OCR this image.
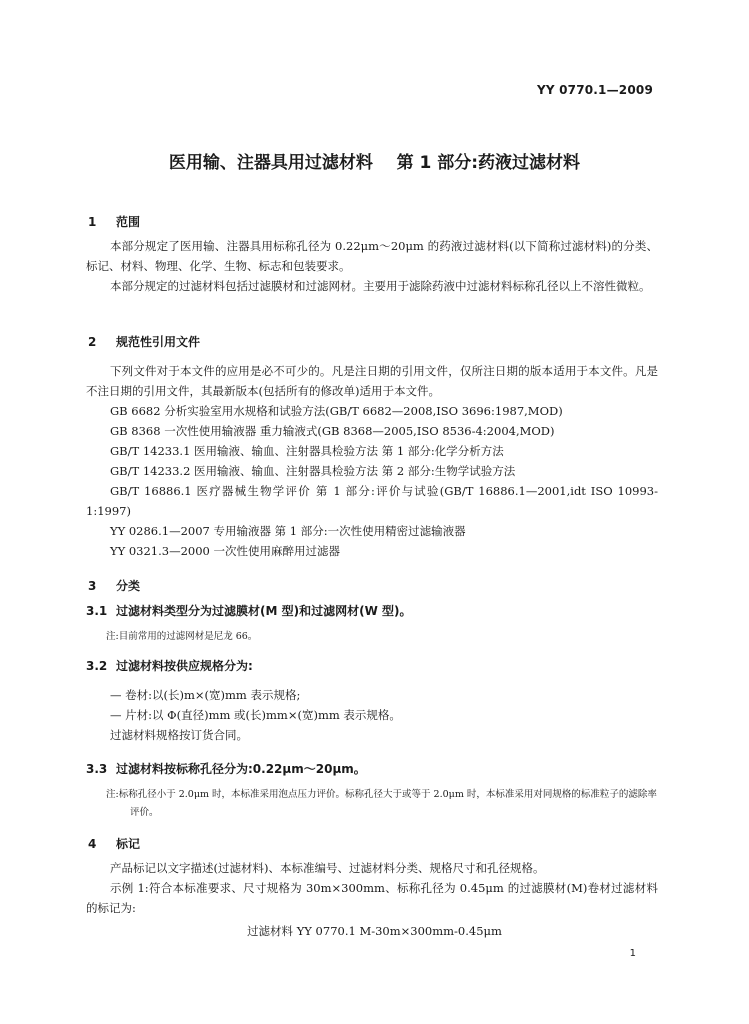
YY 0770.1—2009
医用输、注器具用过滤材料    第 1 部分:药液过滤材料

1 范围

本部分规定了医用输、注器具用标称孔径为 0.22μm～20μm 的药液过滤材料(以下简称过滤材料)的分类、标记、材料、物理、化学、生物、标志和包装要求。

本部分规定的过滤材料包括过滤膜材和过滤网材。主要用于滤除药液中过滤材料标称孔径以上不溶性微粒。

2 规范性引用文件

下列文件对于本文件的应用是必不可少的。凡是注日期的引用文件，仅所注日期的版本适用于本文件。凡是不注日期的引用文件，其最新版本(包括所有的修改单)适用于本文件。

GB 6682 分析实验室用水规格和试验方法(GB/T 6682—2008,ISO 3696:1987,MOD)

GB 8368 一次性使用输液器 重力输液式(GB 8368—2005,ISO 8536-4:2004,MOD)

GB/T 14233.1 医用输液、输血、注射器具检验方法 第 1 部分:化学分析方法

GB/T 14233.2 医用输液、输血、注射器具检验方法 第 2 部分:生物学试验方法

GB/T 16886.1 医疗器械生物学评价 第 1 部分:评价与试验(GB/T 16886.1—2001,idt ISO 10993-1:1997)

YY 0286.1—2007 专用输液器 第 1 部分:一次性使用精密过滤输液器

YY 0321.3—2000 一次性使用麻醉用过滤器

3 分类

3.1 过滤材料类型分为过滤膜材(M 型)和过滤网材(W 型)。

注:目前常用的过滤网材是尼龙 66。

3.2 过滤材料按供应规格分为:

— 卷材:以(长)m×(宽)mm 表示规格;

— 片材:以 Φ(直径)mm 或(长)mm×(宽)mm 表示规格。

过滤材料规格按订货合同。

3.3 过滤材料按标称孔径分为:0.22μm～20μm。

注:标称孔径小于 2.0μm 时，本标准采用泡点压力评价。标称孔径大于或等于 2.0μm 时，本标准采用对同规格的标准粒子的滤除率评价。

4 标记

产品标记以文字描述(过滤材料)、本标准编号、过滤材料分类、规格尺寸和孔径规格。

示例 1:符合本标准要求、尺寸规格为 30m×300mm、标称孔径为 0.45μm 的过滤膜材(M)卷材过滤材料的标记为:

过滤材料 YY 0770.1 M-30m×300mm-0.45μm
1
